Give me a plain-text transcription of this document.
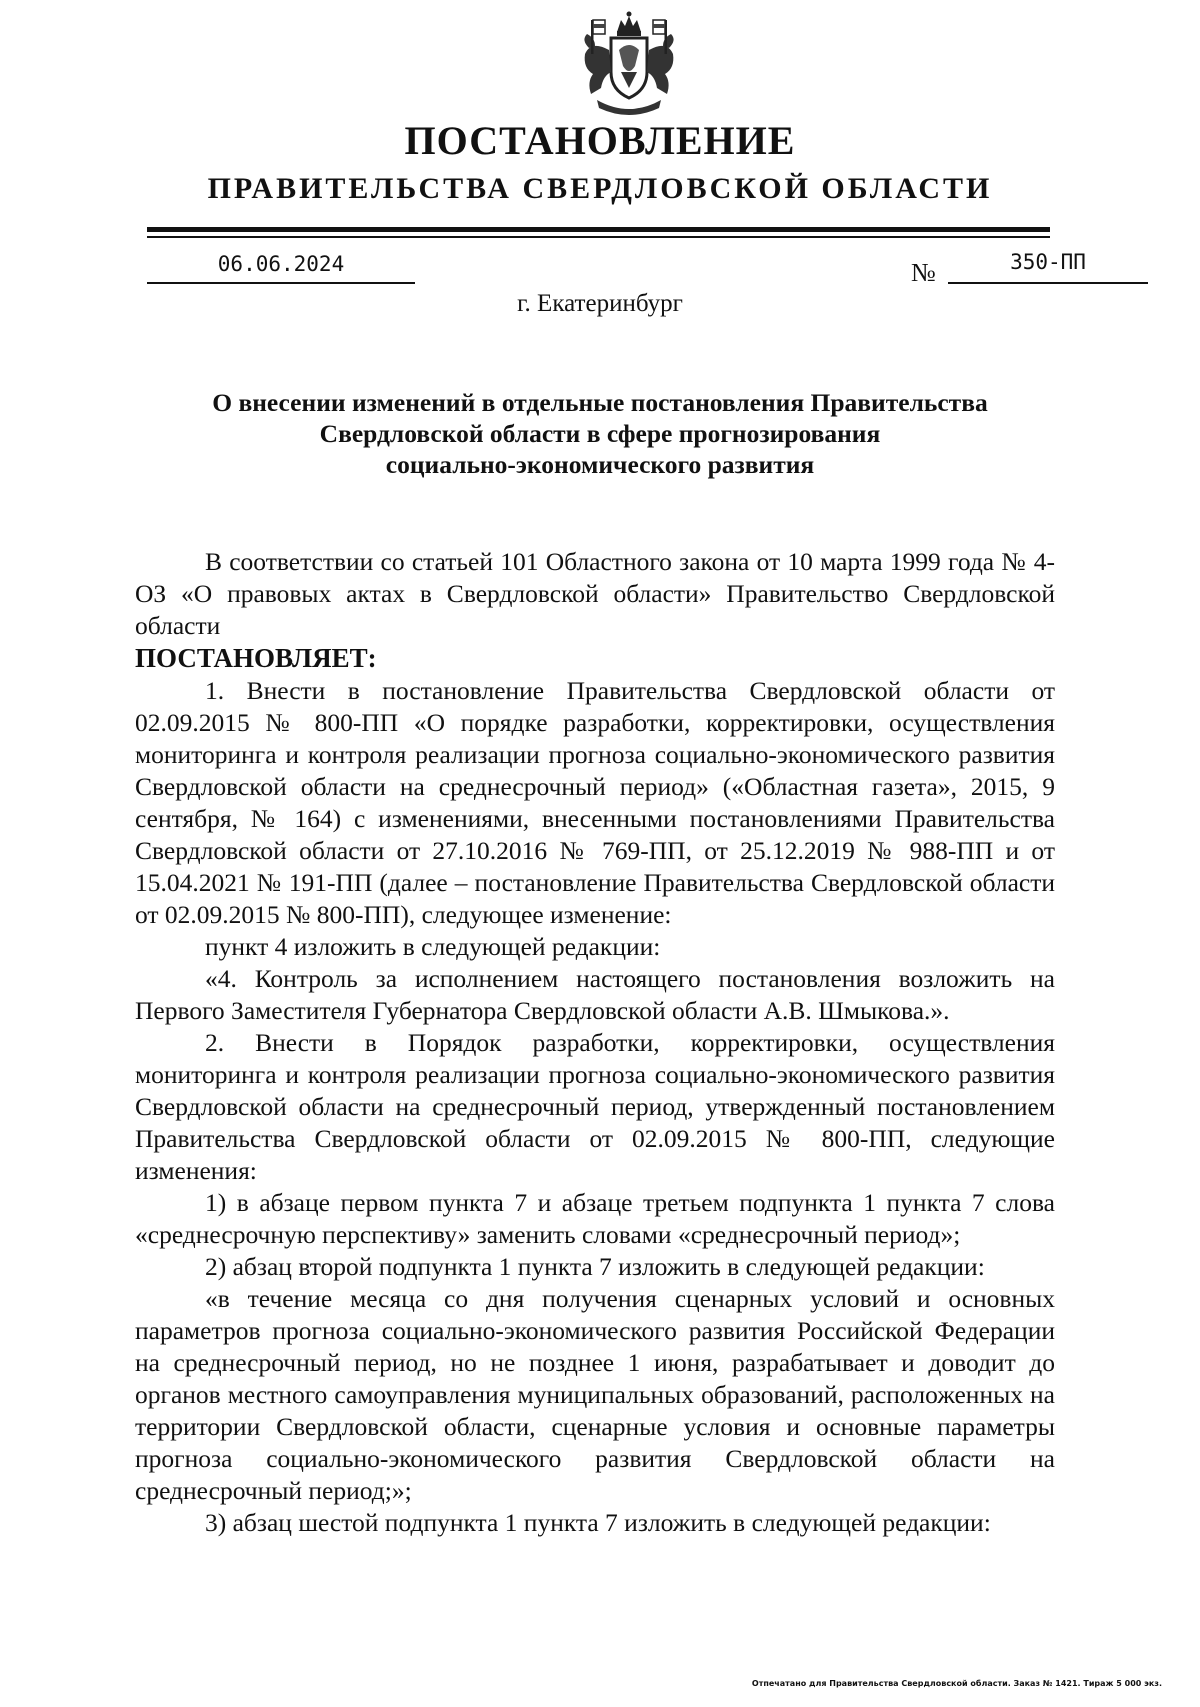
ПОСТАНОВЛЕНИЕ
ПРАВИТЕЛЬСТВА СВЕРДЛОВСКОЙ ОБЛАСТИ
06.06.2024	№	350-ПП
г. Екатеринбург
О внесении изменений в отдельные постановления Правительства
Свердловской области в сфере прогнозирования
социально-экономического развития

В соответствии со статьей 101 Областного закона от 10 марта 1999 года № 4-ОЗ «О правовых актах в Свердловской области» Правительство Свердловской области

ПОСТАНОВЛЯЕТ:

1. Внести в постановление Правительства Свердловской области от 02.09.2015 № 800-ПП «О порядке разработки, корректировки, осуществления мониторинга и контроля реализации прогноза социально-экономического развития Свердловской области на среднесрочный период» («Областная газета», 2015, 9 сентября, № 164) с изменениями, внесенными постановлениями Правительства Свердловской области от 27.10.2016 № 769-ПП, от 25.12.2019 № 988-ПП и от 15.04.2021 № 191-ПП (далее – постановление Правительства Свердловской области от 02.09.2015 № 800-ПП), следующее изменение:

пункт 4 изложить в следующей редакции:

«4. Контроль за исполнением настоящего постановления возложить на Первого Заместителя Губернатора Свердловской области А.В. Шмыкова.».

2. Внести в Порядок разработки, корректировки, осуществления мониторинга и контроля реализации прогноза социально-экономического развития Свердловской области на среднесрочный период, утвержденный постановлением Правительства Свердловской области от 02.09.2015 № 800-ПП, следующие изменения:

1) в абзаце первом пункта 7 и абзаце третьем подпункта 1 пункта 7 слова «среднесрочную перспективу» заменить словами «среднесрочный период»;

2) абзац второй подпункта 1 пункта 7 изложить в следующей редакции:

«в течение месяца со дня получения сценарных условий и основных параметров прогноза социально-экономического развития Российской Федерации на среднесрочный период, но не позднее 1 июня, разрабатывает и доводит до органов местного самоуправления муниципальных образований, расположенных на территории Свердловской области, сценарные условия и основные параметры прогноза социально-экономического развития Свердловской области на среднесрочный период;»;

3) абзац шестой подпункта 1 пункта 7 изложить в следующей редакции:

Отпечатано для Правительства Свердловской области. Заказ № 1421. Тираж 5 000 экз.
